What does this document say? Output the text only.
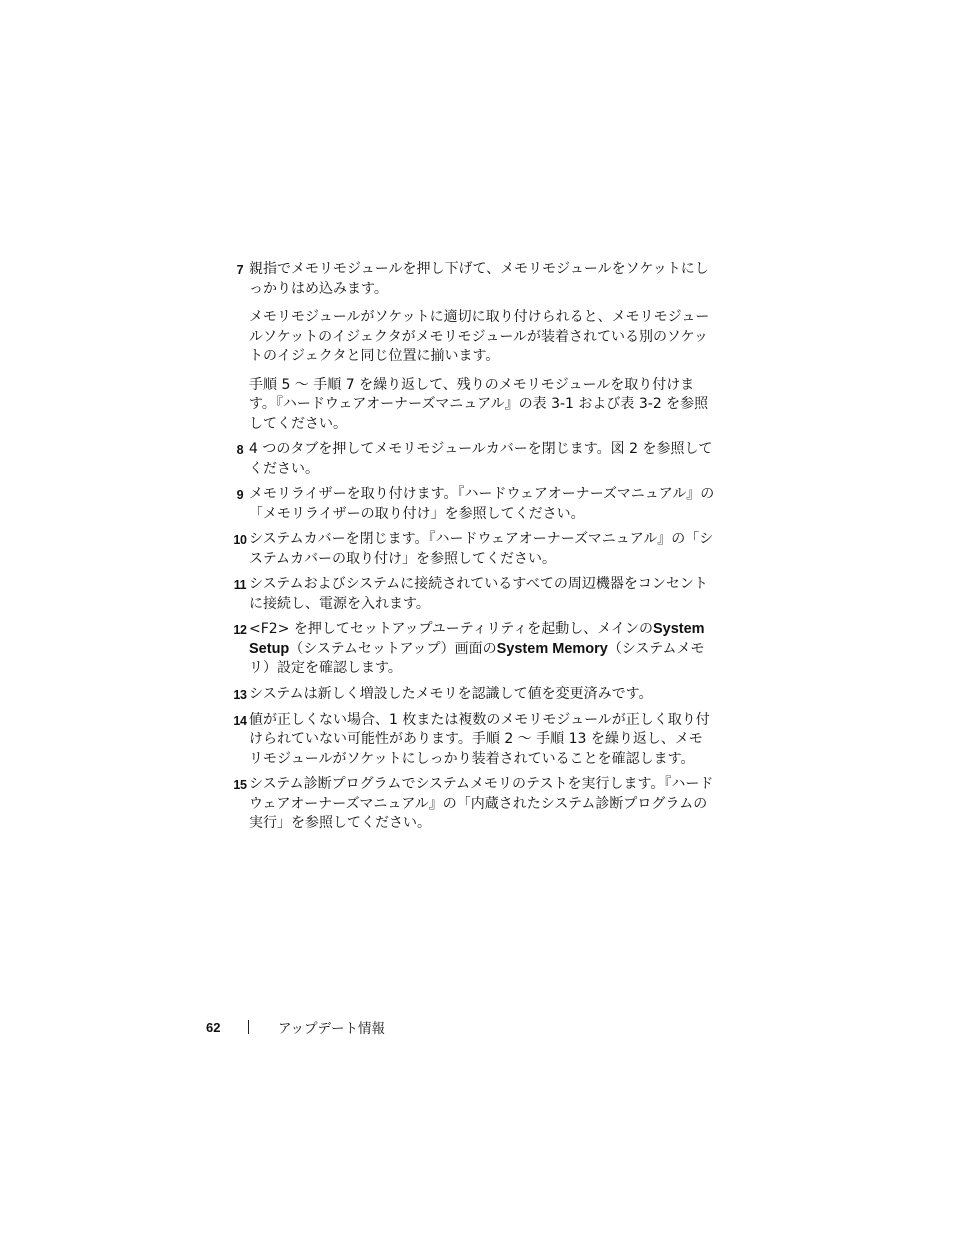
7 親指でメモリモジュールを押し下げて、メモリモジュールをソケットにしっかりはめ込みます。

メモリモジュールがソケットに適切に取り付けられると、メモリモジュールソケットのイジェクタがメモリモジュールが装着されている別のソケットのイジェクタと同じ位置に揃います。

手順 5 ～ 手順 7 を繰り返して、残りのメモリモジュールを取り付けます。『ハードウェアオーナーズマニュアル』の表 3-1 および表 3-2 を参照してください。

8 4 つのタブを押してメモリモジュールカバーを閉じます。図 2 を参照してください。

9 メモリライザーを取り付けます。『ハードウェアオーナーズマニュアル』の「メモリライザーの取り付け」を参照してください。

10 システムカバーを閉じます。『ハードウェアオーナーズマニュアル』の「システムカバーの取り付け」を参照してください。

11 システムおよびシステムに接続されているすべての周辺機器をコンセントに接続し、電源を入れます。

12 <F2> を押してセットアップユーティリティを起動し、メインのSystem Setup（システムセットアップ）画面のSystem Memory（システムメモリ）設定を確認します。

13 システムは新しく増設したメモリを認識して値を変更済みです。

14 値が正しくない場合、1 枚または複数のメモリモジュールが正しく取り付けられていない可能性があります。手順 2 ～ 手順 13 を繰り返し、メモリモジュールがソケットにしっかり装着されていることを確認します。

15 システム診断プログラムでシステムメモリのテストを実行します。『ハードウェアオーナーズマニュアル』の「内蔵されたシステム診断プログラムの実行」を参照してください。

62	アップデート情報
